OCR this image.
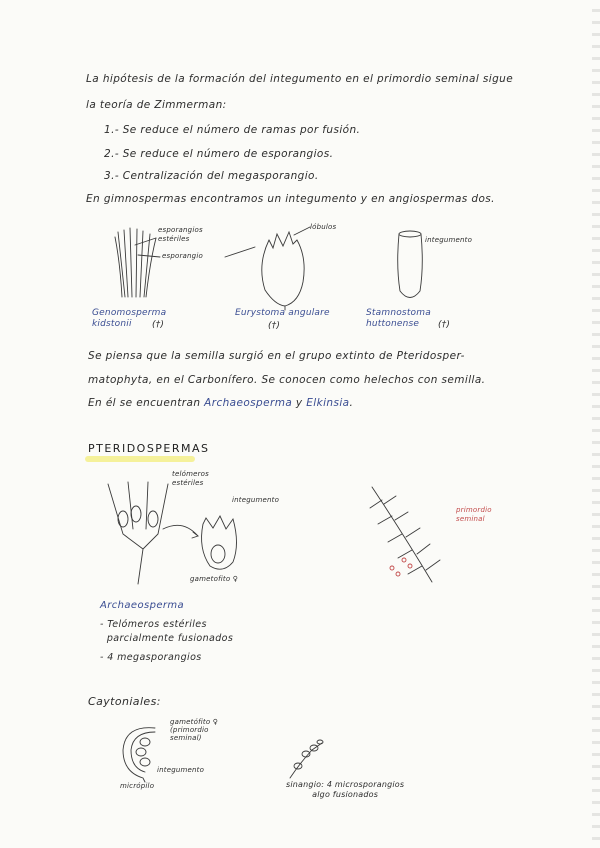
La hipótesis de la formación del integumento en el primordio seminal sigue
la teoría de Zimmerman:
1.- Se reduce el número de ramas por fusión.
2.- Se reduce el número de esporangios.
3.- Centralización del megasporangio.
En gimnospermas encontramos un integumento y en angiospermas dos.
esporangios
estériles
esporangio
lóbulos
integumento
Genomosperma
kidstonii	(†)
Eurystoma angulare
(†)
Stamnostoma
huttonense	(†)
Se piensa que la semilla surgió en el grupo extinto de Pteridosper-
matophyta, en el Carbonífero. Se conocen como helechos con semilla.
En él se encuentran Archaeosperma y Elkinsia.
PTERIDOSPERMAS
telómeros
estériles
integumento
gametofito ♀
primordio
seminal
Archaeosperma
- Telómeros estériles
parcialmente fusionados
- 4 megasporangios
Caytoniales:
gametófito ♀
(primordio
seminal)
integumento
micrópilo	sinangio: 4 microsporangios
algo fusionados
